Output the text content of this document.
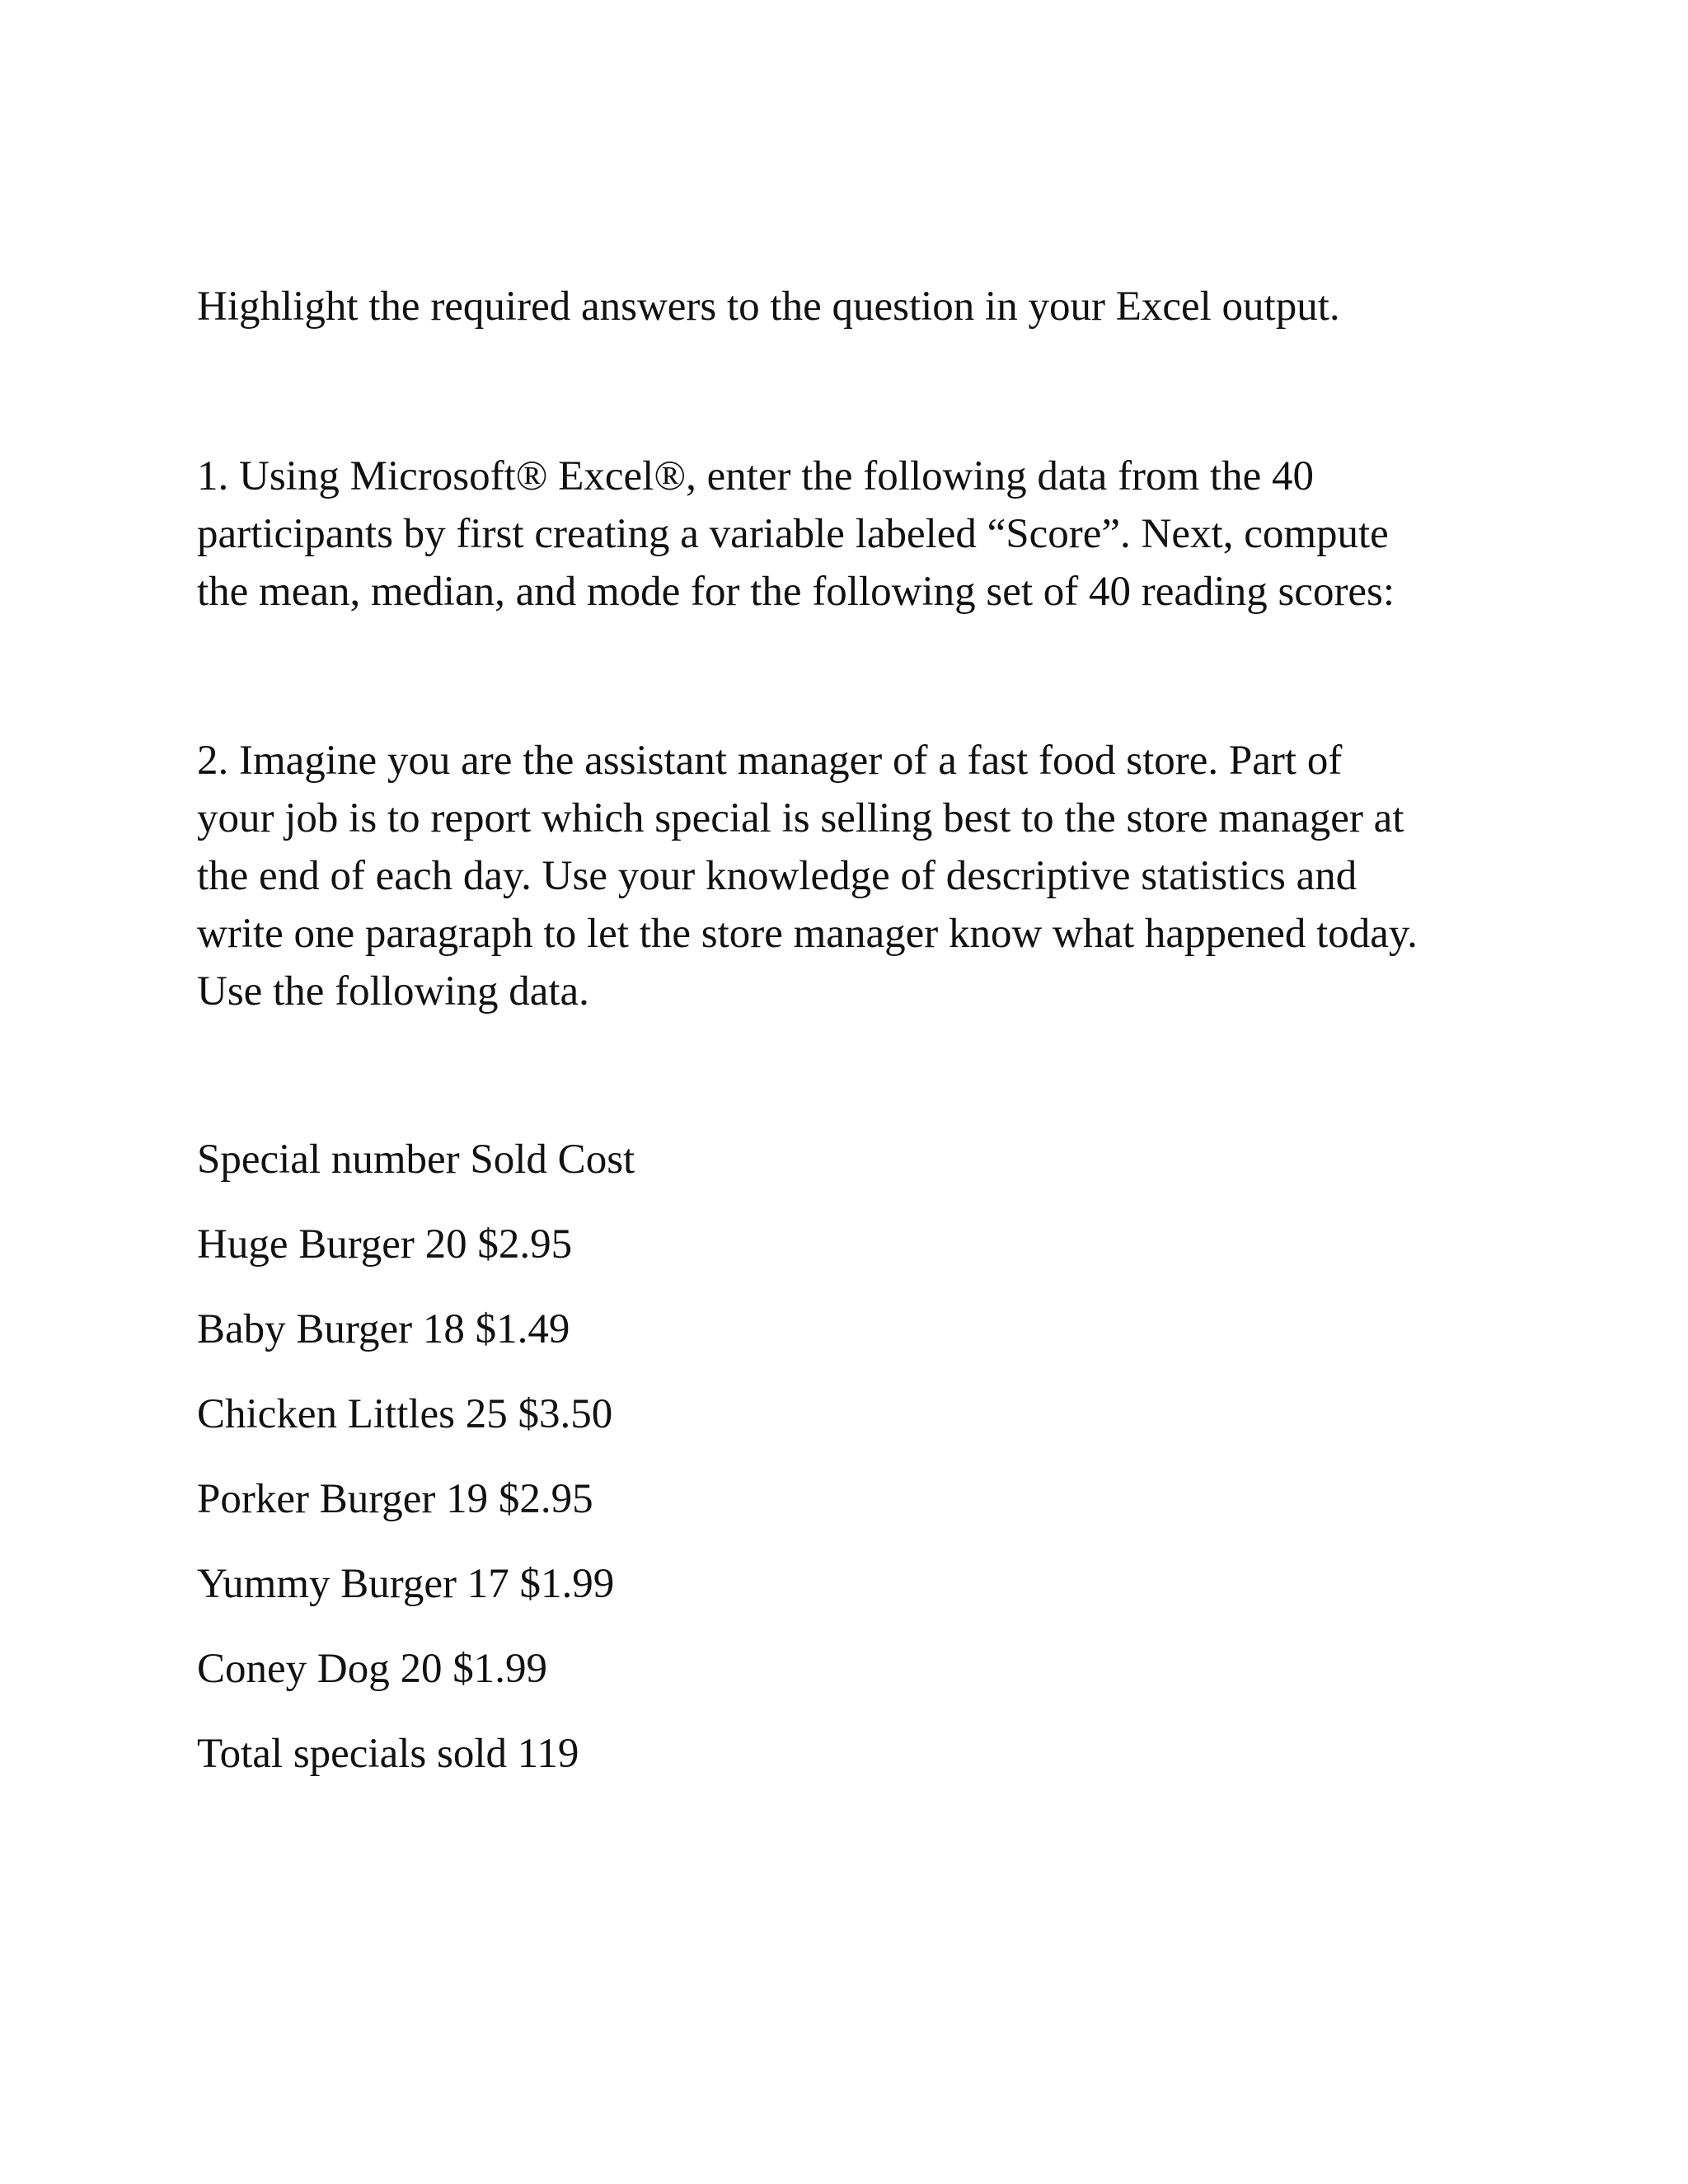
Highlight the required answers to the question in your Excel output.
1. Using Microsoft® Excel®, enter the following data from the 40
participants by first creating a variable labeled “Score”. Next, compute
the mean, median, and mode for the following set of 40 reading scores:
2. Imagine you are the assistant manager of a fast food store. Part of
your job is to report which special is selling best to the store manager at
the end of each day. Use your knowledge of descriptive statistics and
write one paragraph to let the store manager know what happened today.
Use the following data.
Special number Sold Cost
Huge Burger 20 $2.95
Baby Burger 18 $1.49
Chicken Littles 25 $3.50
Porker Burger 19 $2.95
Yummy Burger 17 $1.99
Coney Dog 20 $1.99
Total specials sold 119
